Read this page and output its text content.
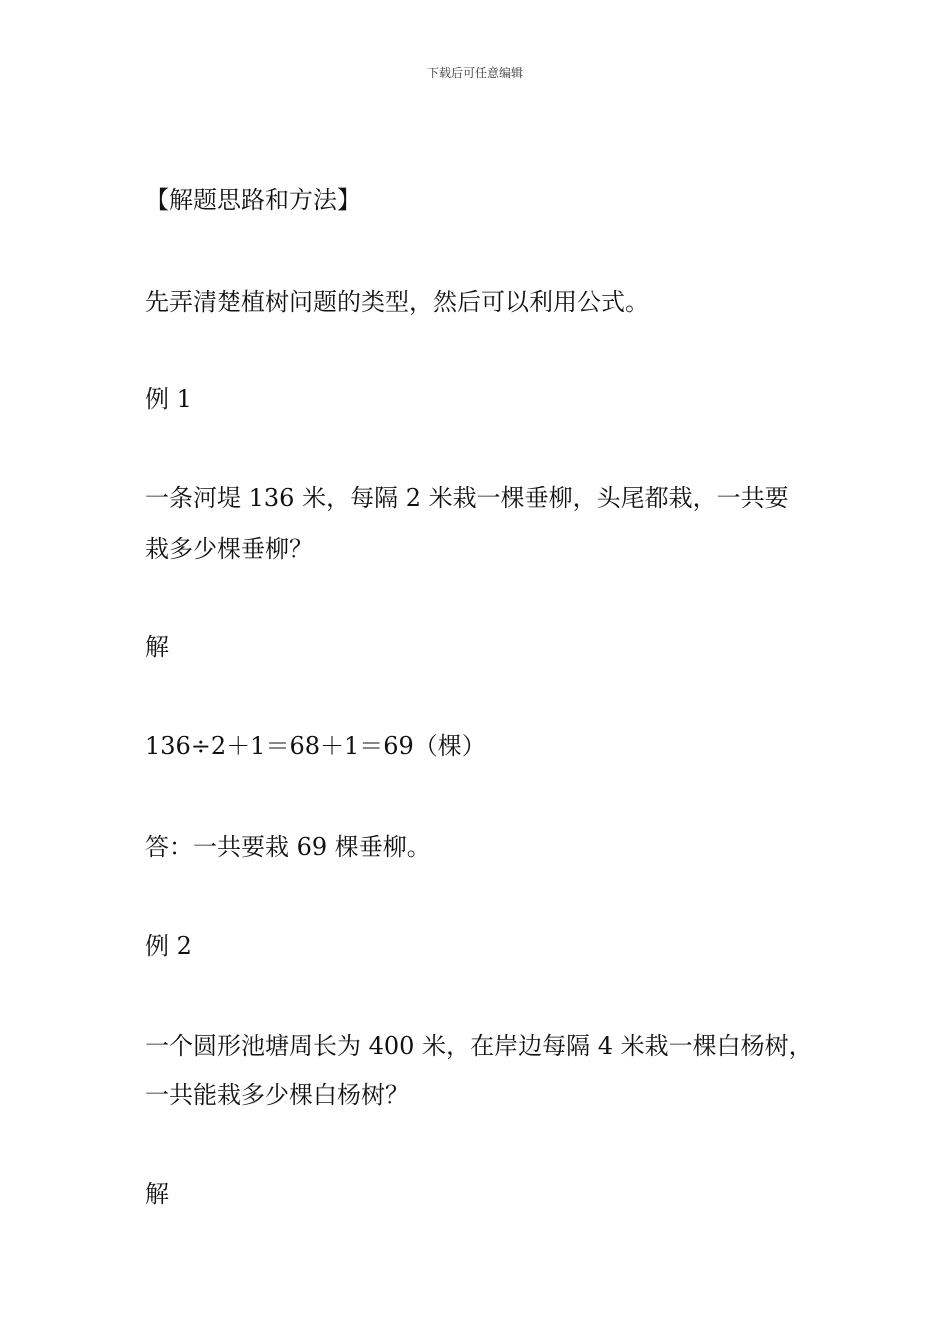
下载后可任意编辑
【解题思路和方法】
先弄清楚植树问题的类型，然后可以利用公式。
例 1
一条河堤 136 米，每隔 2 米栽一棵垂柳，头尾都栽，一共要
栽多少棵垂柳？
解
136÷2＋1＝68＋1＝69（棵）
答：一共要栽 69 棵垂柳。
例 2
一个圆形池塘周长为 400 米，在岸边每隔 4 米栽一棵白杨树，
一共能栽多少棵白杨树？
解
